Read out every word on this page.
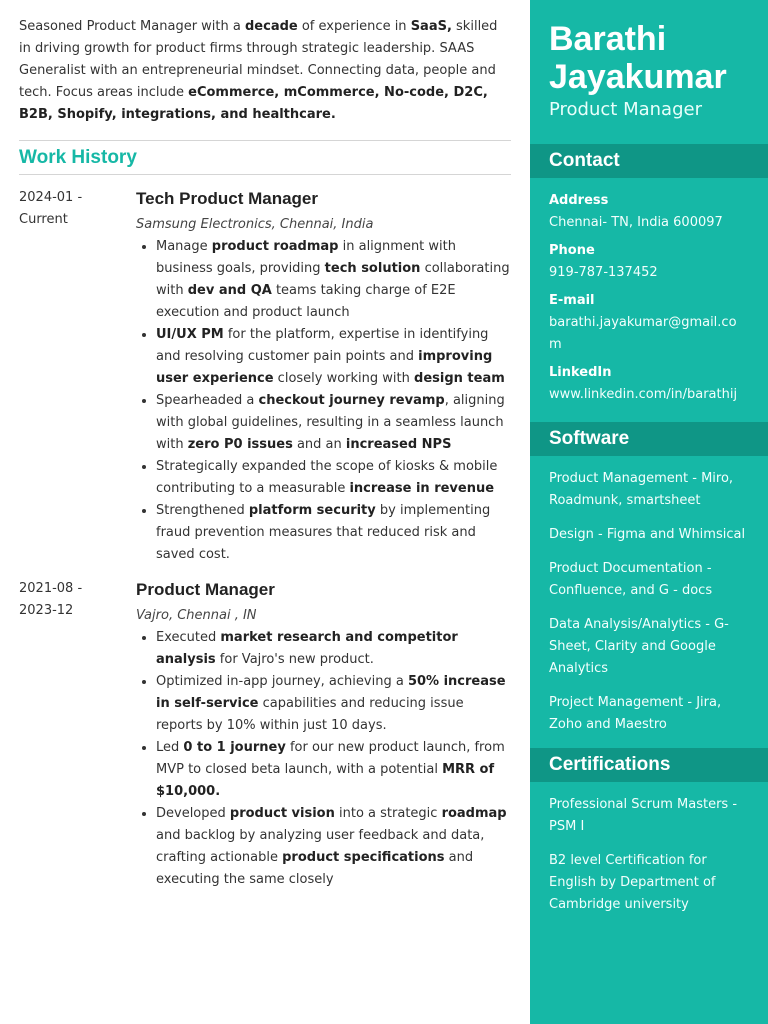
Seasoned Product Manager with a decade of experience in SaaS, skilled in driving growth for product firms through strategic leadership. SAAS Generalist with an entrepreneurial mindset. Connecting data, people and tech. Focus areas include eCommerce, mCommerce, No-code, D2C, B2B, Shopify, integrations, and healthcare.
Work History
2024-01 -
Current
Tech Product Manager
Samsung Electronics, Chennai, India
• Manage product roadmap in alignment with business goals, providing tech solution collaborating with dev and QA teams taking charge of E2E execution and product launch
• UI/UX PM for the platform, expertise in identifying and resolving customer pain points and improving user experience closely working with design team
• Spearheaded a checkout journey revamp, aligning with global guidelines, resulting in a seamless launch with zero P0 issues and an increased NPS
• Strategically expanded the scope of kiosks & mobile contributing to a measurable increase in revenue
• Strengthened platform security by implementing fraud prevention measures that reduced risk and saved cost.
2021-08 -
2023-12
Product Manager
Vajro, Chennai , IN
• Executed market research and competitor analysis for Vajro's new product.
• Optimized in-app journey, achieving a 50% increase in self-service capabilities and reducing issue reports by 10% within just 10 days.
• Led 0 to 1 journey for our new product launch, from MVP to closed beta launch, with a potential MRR of $10,000.
• Developed product vision into a strategic roadmap and backlog by analyzing user feedback and data, crafting actionable product specifications and executing the same closely
Barathi Jayakumar
Product Manager
Contact
Address
Chennai- TN, India 600097
Phone
919-787-137452
E-mail
barathi.jayakumar@gmail.com
LinkedIn
www.linkedin.com/in/barathij
Software
Product Management - Miro, Roadmunk, smartsheet
Design - Figma and Whimsical
Product Documentation - Confluence, and G - docs
Data Analysis/Analytics - G-Sheet, Clarity and Google Analytics
Project Management - Jira, Zoho and Maestro
Certifications
Professional Scrum Masters - PSM I
B2 level Certification for English by Department of Cambridge university
